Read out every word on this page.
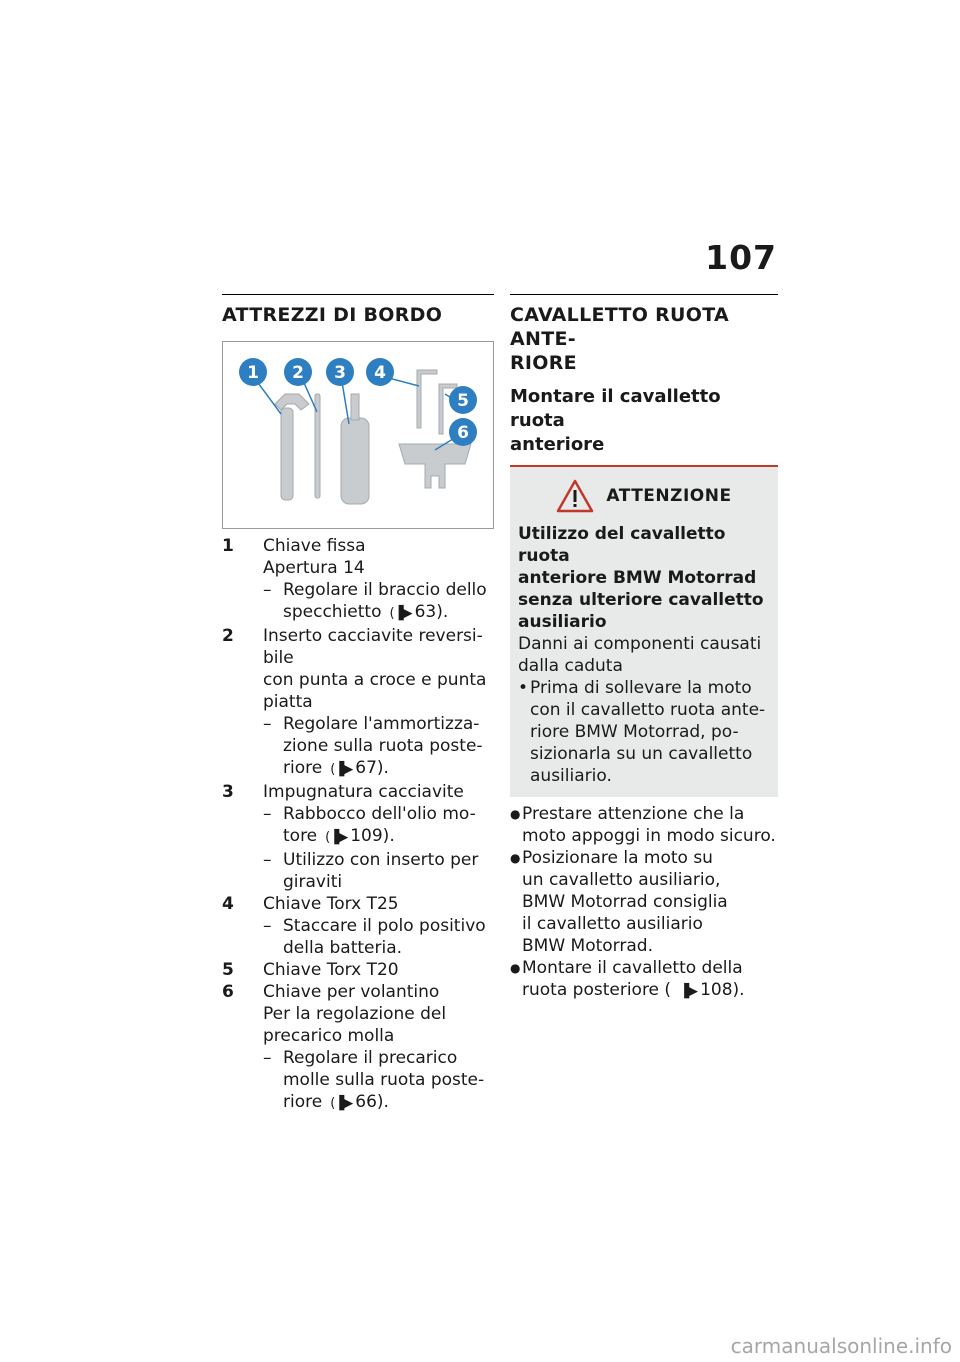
107
ATTREZZI DI BORDO
1 2 3 4
5
6
1	Chiave fissa
Apertura 14
– Regolare il braccio dello
specchietto (▐▶ 63).
2	Inserto cacciavite reversi-
bile
con punta a croce e punta
piatta
– Regolare l'ammortizza-
zione sulla ruota poste-
riore (▐▶ 67).
3	Impugnatura cacciavite
– Rabbocco dell'olio mo-
tore (▐▶ 109).
– Utilizzo con inserto per
giraviti
4	Chiave Torx T25
– Staccare il polo positivo
della batteria.
5	Chiave Torx T20
6	Chiave per volantino
Per la regolazione del
precarico molla
– Regolare il precarico
molle sulla ruota poste-
riore (▐▶ 66).
CAVALLETTO RUOTA ANTE-
RIORE
Montare il cavalletto ruota
anteriore
ATTENZIONE
Utilizzo del cavalletto ruota
anteriore BMW Motorrad
senza ulteriore cavalletto
ausiliario
Danni ai componenti causati
dalla caduta
• Prima di sollevare la moto
con il cavalletto ruota ante-
riore BMW Motorrad, po-
sizionarla su un cavalletto
ausiliario.
● Prestare attenzione che la
moto appoggi in modo sicuro.
● Posizionare la moto su
un cavalletto ausiliario,
BMW Motorrad consiglia
il cavalletto ausiliario
BMW Motorrad.
● Montare il cavalletto della
ruota posteriore ( ▐▶ 108).
carmanualsonline.info
